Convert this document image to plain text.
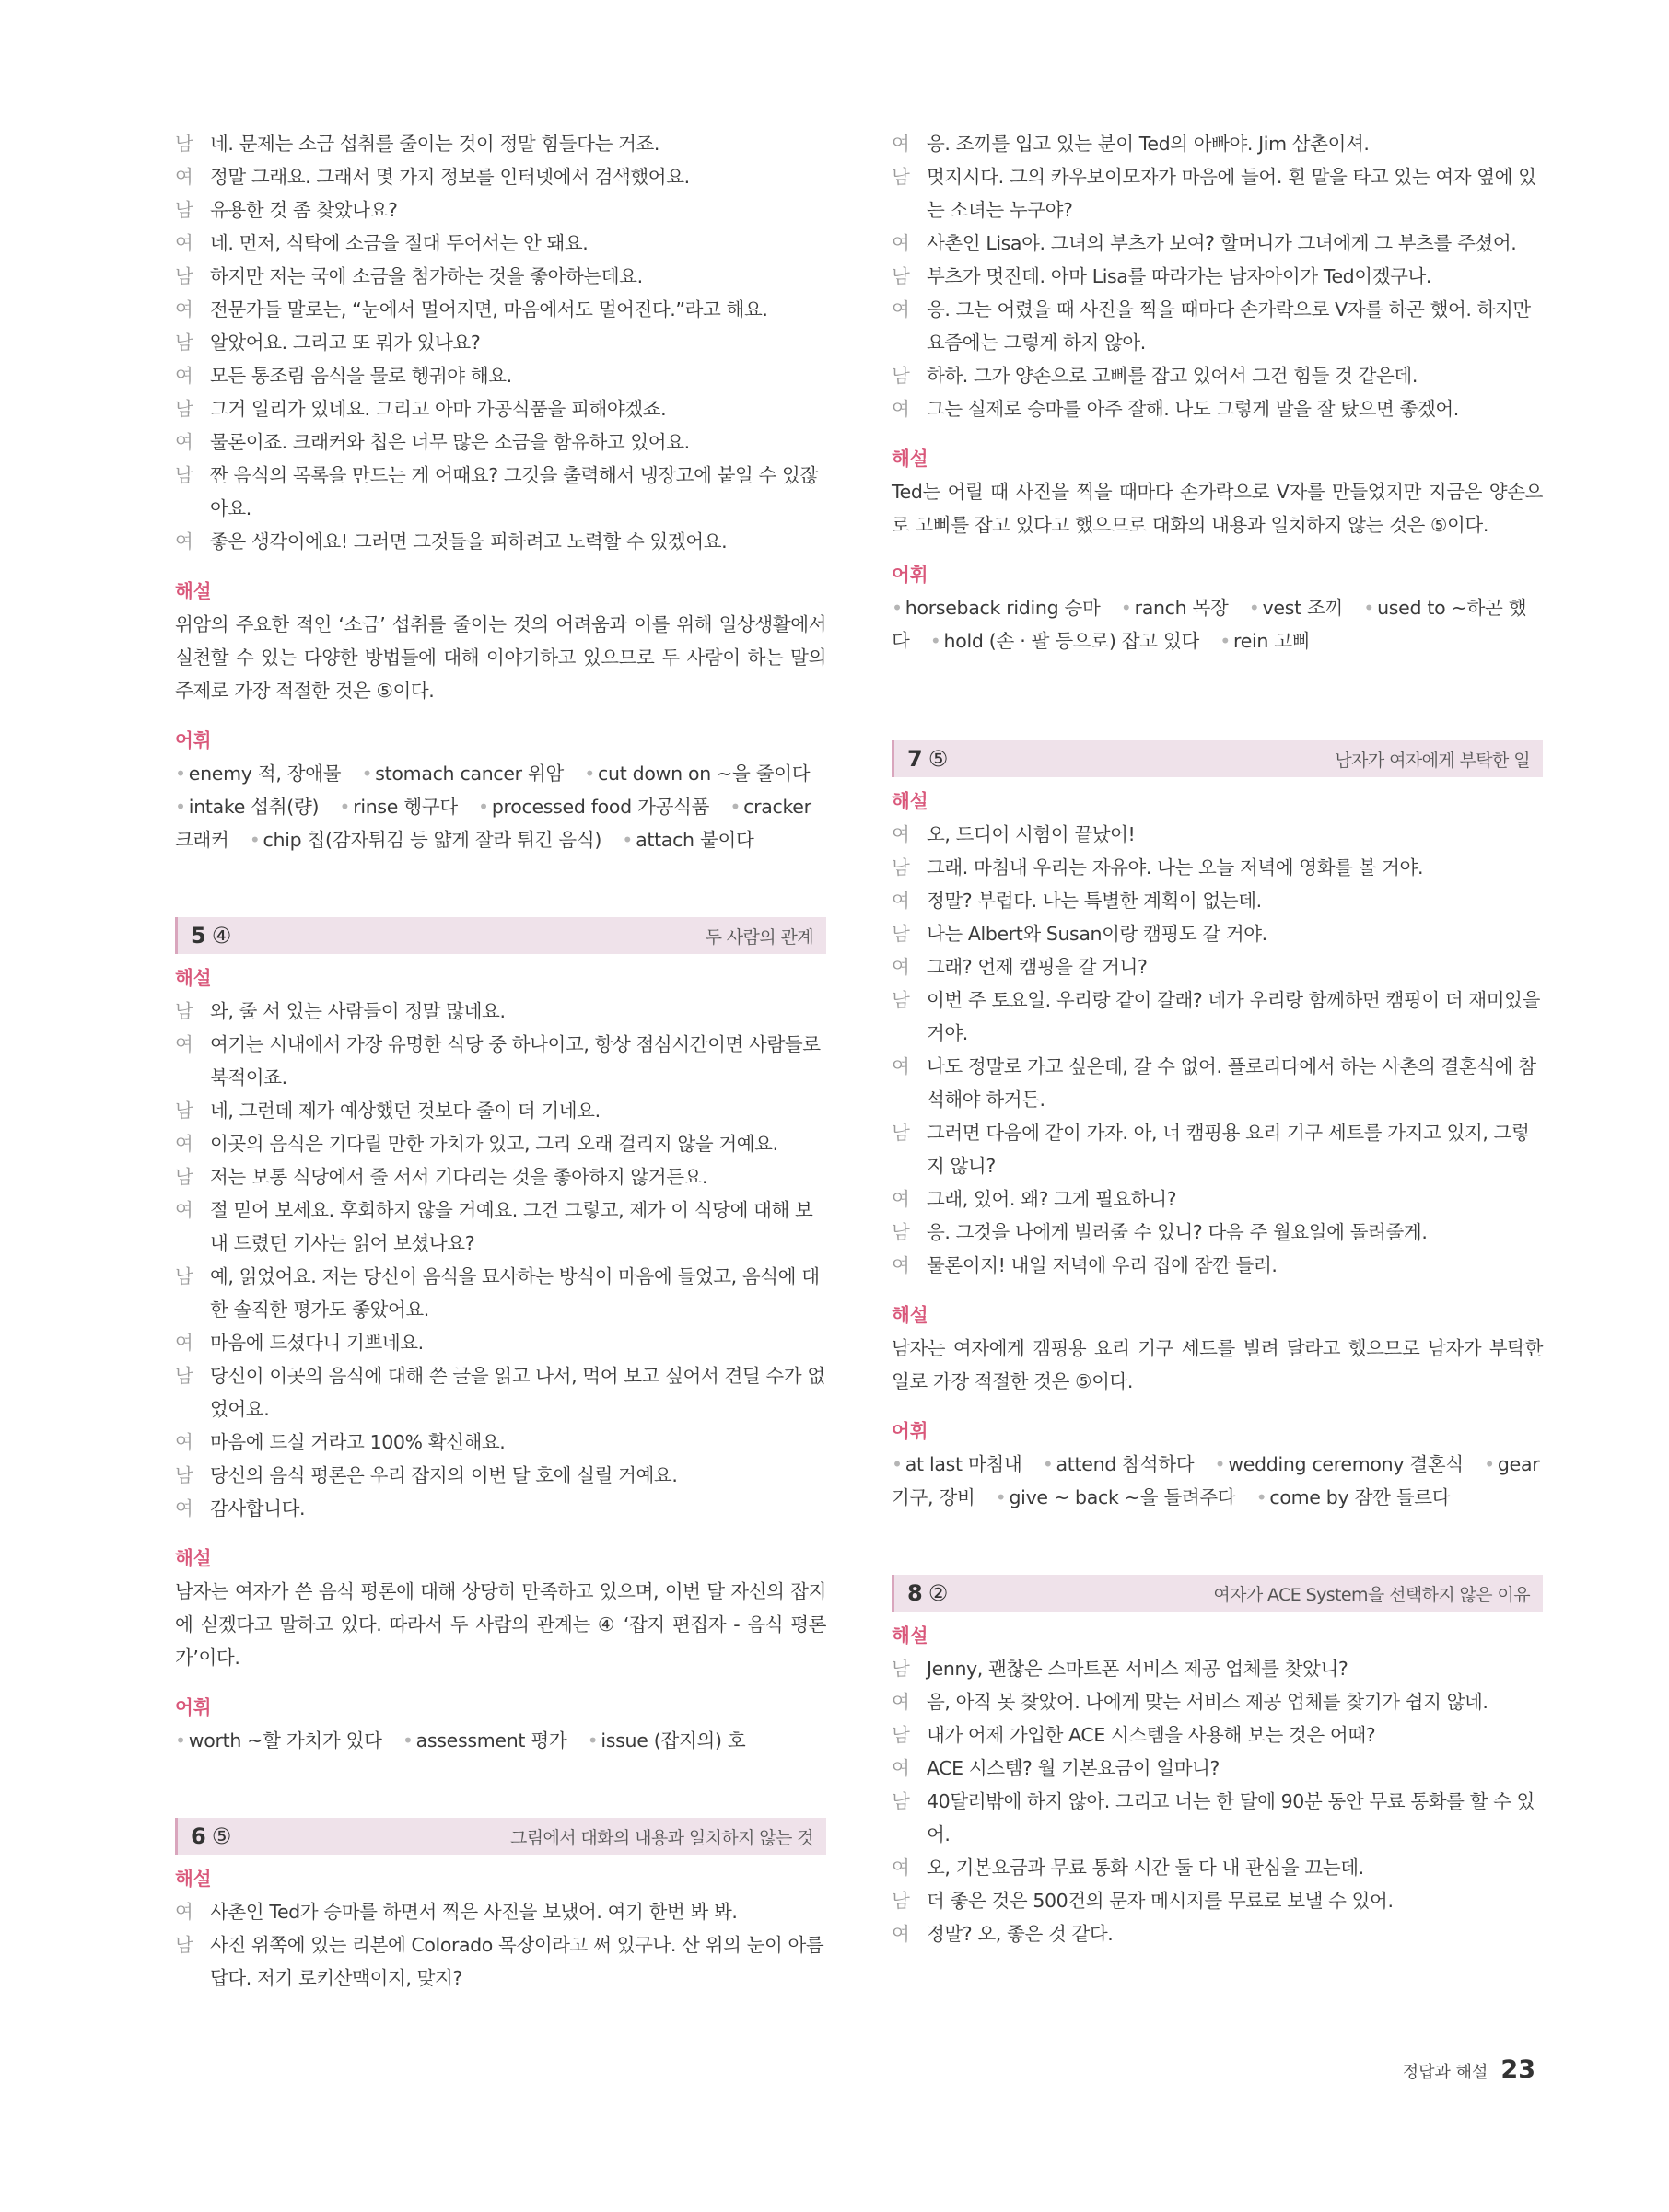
남 네. 문제는 소금 섭취를 줄이는 것이 정말 힘들다는 거죠.
여 정말 그래요. 그래서 몇 가지 정보를 인터넷에서 검색했어요.
남 유용한 것 좀 찾았나요?
여 네. 먼저, 식탁에 소금을 절대 두어서는 안 돼요.
남 하지만 저는 국에 소금을 첨가하는 것을 좋아하는데요.
여 전문가들 말로는, “눈에서 멀어지면, 마음에서도 멀어진다.”라고 해요.
남 알았어요. 그리고 또 뭐가 있나요?
여 모든 통조림 음식을 물로 헹궈야 해요.
남 그거 일리가 있네요. 그리고 아마 가공식품을 피해야겠죠.
여 물론이죠. 크래커와 칩은 너무 많은 소금을 함유하고 있어요.
남 짠 음식의 목록을 만드는 게 어때요? 그것을 출력해서 냉장고에 붙일 수 있잖아요.
여 좋은 생각이에요! 그러면 그것들을 피하려고 노력할 수 있겠어요.
해설
위암의 주요한 적인 ‘소금’ 섭취를 줄이는 것의 어려움과 이를 위해 일상생활에서 실천할 수 있는 다양한 방법들에 대해 이야기하고 있으므로 두 사람이 하는 말의 주제로 가장 적절한 것은 ⑤이다.
어휘
• enemy 적, 장애물 • stomach cancer 위암 • cut down on ~을 줄이다 • intake 섭취(량) • rinse 헹구다 • processed food 가공식품 • cracker 크래커 • chip 칩(감자튀김 등 얇게 잘라 튀긴 음식) • attach 붙이다
5 ④	두 사람의 관계
해설
남 와, 줄 서 있는 사람들이 정말 많네요.
여 여기는 시내에서 가장 유명한 식당 중 하나이고, 항상 점심시간이면 사람들로 북적이죠.
남 네, 그런데 제가 예상했던 것보다 줄이 더 기네요.
여 이곳의 음식은 기다릴 만한 가치가 있고, 그리 오래 걸리지 않을 거예요.
남 저는 보통 식당에서 줄 서서 기다리는 것을 좋아하지 않거든요.
여 절 믿어 보세요. 후회하지 않을 거예요. 그건 그렇고, 제가 이 식당에 대해 보내 드렸던 기사는 읽어 보셨나요?
남 예, 읽었어요. 저는 당신이 음식을 묘사하는 방식이 마음에 들었고, 음식에 대한 솔직한 평가도 좋았어요.
여 마음에 드셨다니 기쁘네요.
남 당신이 이곳의 음식에 대해 쓴 글을 읽고 나서, 먹어 보고 싶어서 견딜 수가 없었어요.
여 마음에 드실 거라고 100% 확신해요.
남 당신의 음식 평론은 우리 잡지의 이번 달 호에 실릴 거예요.
여 감사합니다.
해설
남자는 여자가 쓴 음식 평론에 대해 상당히 만족하고 있으며, 이번 달 자신의 잡지에 싣겠다고 말하고 있다. 따라서 두 사람의 관계는 ④ ‘잡지 편집자 - 음식 평론가’이다.
어휘
• worth ~할 가치가 있다 • assessment 평가 • issue (잡지의) 호
6 ⑤	그림에서 대화의 내용과 일치하지 않는 것
해설
여 사촌인 Ted가 승마를 하면서 찍은 사진을 보냈어. 여기 한번 봐 봐.
남 사진 위쪽에 있는 리본에 Colorado 목장이라고 써 있구나. 산 위의 눈이 아름답다. 저기 로키산맥이지, 맞지?
여 응. 조끼를 입고 있는 분이 Ted의 아빠야. Jim 삼촌이셔.
남 멋지시다. 그의 카우보이모자가 마음에 들어. 흰 말을 타고 있는 여자 옆에 있는 소녀는 누구야?
여 사촌인 Lisa야. 그녀의 부츠가 보여? 할머니가 그녀에게 그 부츠를 주셨어.
남 부츠가 멋진데. 아마 Lisa를 따라가는 남자아이가 Ted이겠구나.
여 응. 그는 어렸을 때 사진을 찍을 때마다 손가락으로 V자를 하곤 했어. 하지만 요즘에는 그렇게 하지 않아.
남 하하. 그가 양손으로 고삐를 잡고 있어서 그건 힘들 것 같은데.
여 그는 실제로 승마를 아주 잘해. 나도 그렇게 말을 잘 탔으면 좋겠어.
해설
Ted는 어릴 때 사진을 찍을 때마다 손가락으로 V자를 만들었지만 지금은 양손으로 고삐를 잡고 있다고 했으므로 대화의 내용과 일치하지 않는 것은 ⑤이다.
어휘
• horseback riding 승마 • ranch 목장 • vest 조끼 • used to ~하곤 했다 • hold (손 · 팔 등으로) 잡고 있다 • rein 고삐
7 ⑤	남자가 여자에게 부탁한 일
해설
여 오, 드디어 시험이 끝났어!
남 그래. 마침내 우리는 자유야. 나는 오늘 저녁에 영화를 볼 거야.
여 정말? 부럽다. 나는 특별한 계획이 없는데.
남 나는 Albert와 Susan이랑 캠핑도 갈 거야.
여 그래? 언제 캠핑을 갈 거니?
남 이번 주 토요일. 우리랑 같이 갈래? 네가 우리랑 함께하면 캠핑이 더 재미있을 거야.
여 나도 정말로 가고 싶은데, 갈 수 없어. 플로리다에서 하는 사촌의 결혼식에 참석해야 하거든.
남 그러면 다음에 같이 가자. 아, 너 캠핑용 요리 기구 세트를 가지고 있지, 그렇지 않니?
여 그래, 있어. 왜? 그게 필요하니?
남 응. 그것을 나에게 빌려줄 수 있니? 다음 주 월요일에 돌려줄게.
여 물론이지! 내일 저녁에 우리 집에 잠깐 들러.
해설
남자는 여자에게 캠핑용 요리 기구 세트를 빌려 달라고 했으므로 남자가 부탁한 일로 가장 적절한 것은 ⑤이다.
어휘
• at last 마침내 • attend 참석하다 • wedding ceremony 결혼식 • gear 기구, 장비 • give ~ back ~을 돌려주다 • come by 잠깐 들르다
8 ②	여자가 ACE System을 선택하지 않은 이유
해설
남 Jenny, 괜찮은 스마트폰 서비스 제공 업체를 찾았니?
여 음, 아직 못 찾았어. 나에게 맞는 서비스 제공 업체를 찾기가 쉽지 않네.
남 내가 어제 가입한 ACE 시스템을 사용해 보는 것은 어때?
여 ACE 시스템? 월 기본요금이 얼마니?
남 40달러밖에 하지 않아. 그리고 너는 한 달에 90분 동안 무료 통화를 할 수 있어.
여 오, 기본요금과 무료 통화 시간 둘 다 내 관심을 끄는데.
남 더 좋은 것은 500건의 문자 메시지를 무료로 보낼 수 있어.
여 정말? 오, 좋은 것 같다.
정답과 해설 23
